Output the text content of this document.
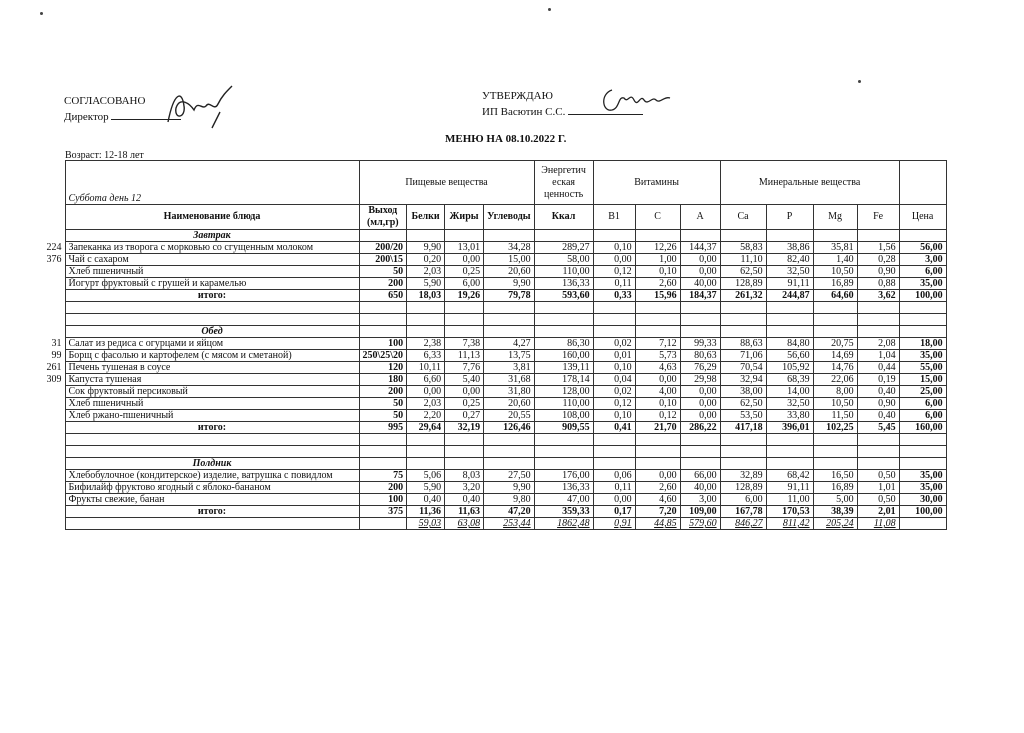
СОГЛАСОВАНО
Директор
УТВЕРЖДАЮ
ИП Васютин С.С.
МЕНЮ НА 08.10.2022 Г.
Возраст: 12-18 лет
	Суббота день 12	Пищевые вещества				Энергетич еская ценность	Витамины			Минеральные вещества				
	Наименование блюда	Выход (мл,гр)	Белки	Жиры	Углеводы	Ккал	B1	C	A	Ca	P	Mg	Fe	Цена
	Завтрак													
224	Запеканка из творога с морковью со сгущенным молоком	200/20	9,90	13,01	34,28	289,27	0,10	12,26	144,37	58,83	38,86	35,81	1,56	56,00
376	Чай с сахаром	200\15	0,20	0,00	15,00	58,00	0,00	1,00	0,00	11,10	82,40	1,40	0,28	3,00
	Хлеб пшеничный	50	2,03	0,25	20,60	110,00	0,12	0,10	0,00	62,50	32,50	10,50	0,90	6,00
	Йогурт фруктовый с грушей и карамелью	200	5,90	6,00	9,90	136,33	0,11	2,60	40,00	128,89	91,11	16,89	0,88	35,00
	итого:	650	18,03	19,26	79,78	593,60	0,33	15,96	184,37	261,32	244,87	64,60	3,62	100,00

	Обед													
31	Салат из редиса с огурцами и яйцом	100	2,38	7,38	4,27	86,30	0,02	7,12	99,33	88,63	84,80	20,75	2,08	18,00
99	Борщ с фасолью и картофелем (с мясом и сметаной)	250\25\20	6,33	11,13	13,75	160,00	0,01	5,73	80,63	71,06	56,60	14,69	1,04	35,00
261	Печень тушеная в соусе	120	10,11	7,76	3,81	139,11	0,10	4,63	76,29	70,54	105,92	14,76	0,44	55,00
309	Капуста тушеная	180	6,60	5,40	31,68	178,14	0,04	0,00	29,98	32,94	68,39	22,06	0,19	15,00
	Сок фруктовый персиковый	200	0,00	0,00	31,80	128,00	0,02	4,00	0,00	38,00	14,00	8,00	0,40	25,00
	Хлеб пшеничный	50	2,03	0,25	20,60	110,00	0,12	0,10	0,00	62,50	32,50	10,50	0,90	6,00
	Хлеб ржано-пшеничный	50	2,20	0,27	20,55	108,00	0,10	0,12	0,00	53,50	33,80	11,50	0,40	6,00
	итого:	995	29,64	32,19	126,46	909,55	0,41	21,70	286,22	417,18	396,01	102,25	5,45	160,00

	Полдник													
	Хлебобулочное (кондитерское) изделие, ватрушка с повидлом	75	5,06	8,03	27,50	176,00	0,06	0,00	66,00	32,89	68,42	16,50	0,50	35,00
	Бифилайф фруктово ягодный с яблоко-бананом	200	5,90	3,20	9,90	136,33	0,11	2,60	40,00	128,89	91,11	16,89	1,01	35,00
	Фрукты свежие, банан	100	0,40	0,40	9,80	47,00	0,00	4,60	3,00	6,00	11,00	5,00	0,50	30,00
	итого:	375	11,36	11,63	47,20	359,33	0,17	7,20	109,00	167,78	170,53	38,39	2,01	100,00
			59,03	63,08	253,44	1862,48	0,91	44,85	579,60	846,27	811,42	205,24	11,08	
